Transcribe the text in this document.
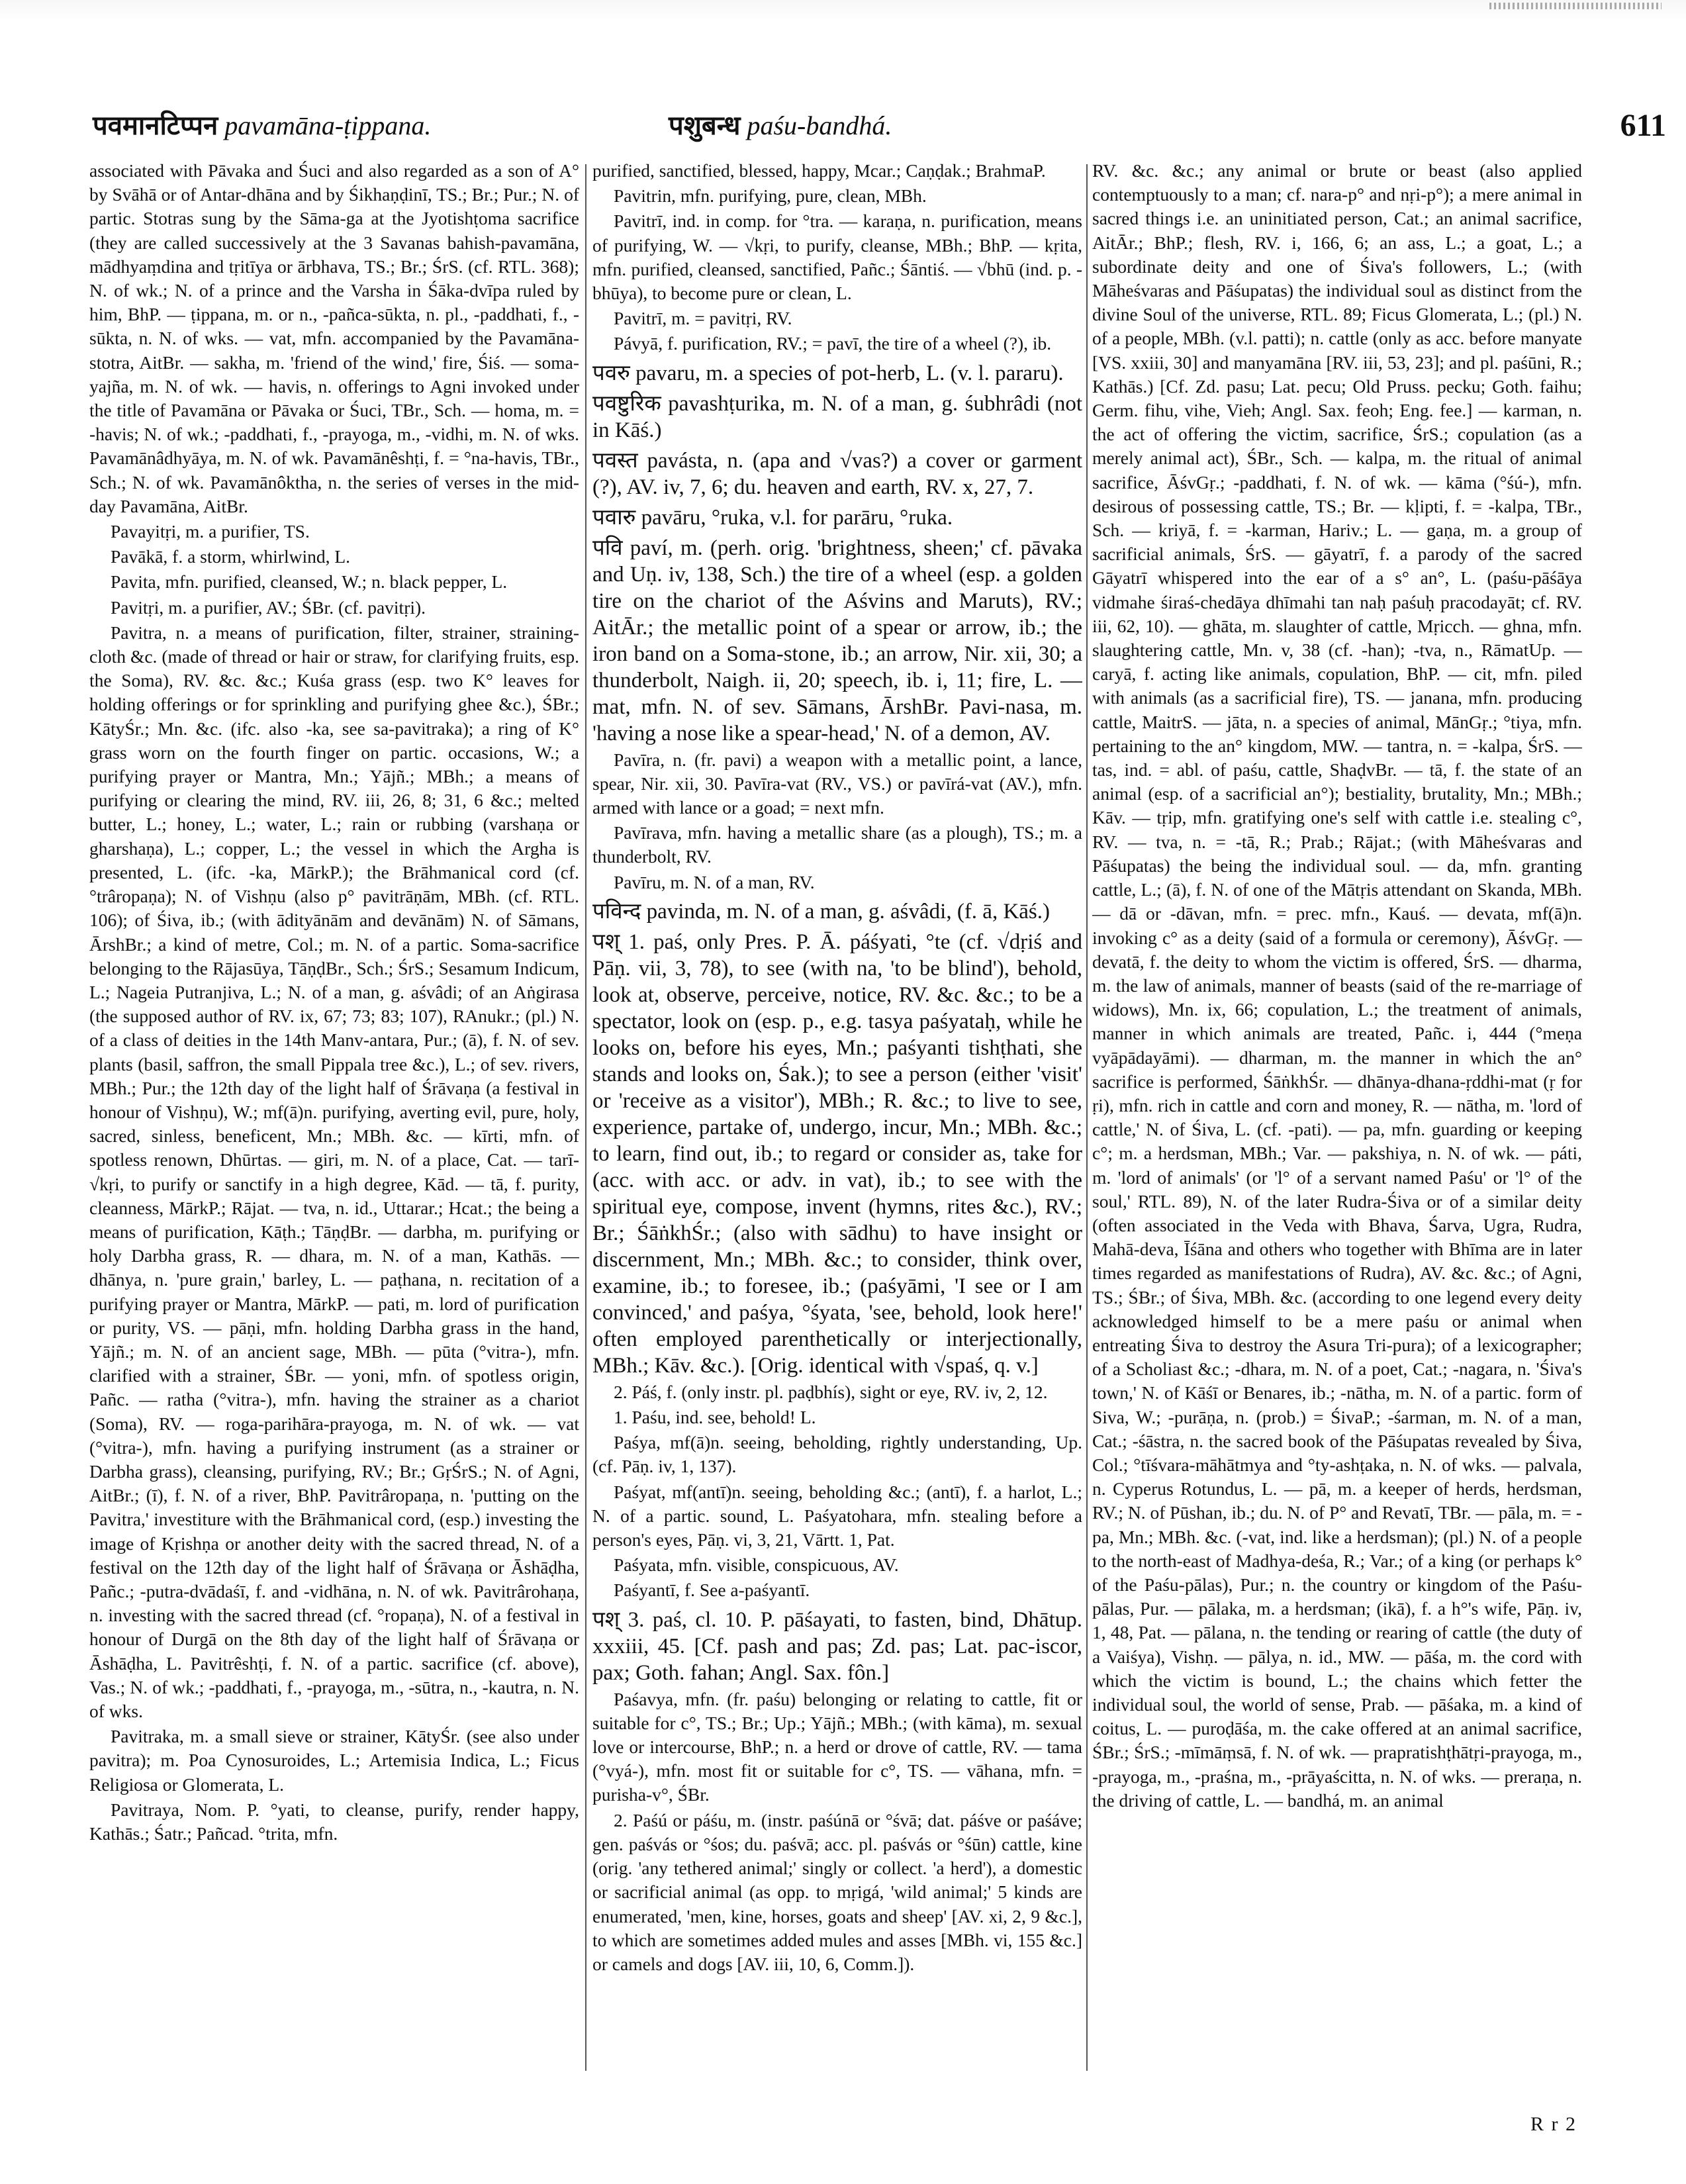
पवमानटिप्पन pavamāna-ṭippana.	पशुबन्ध paśu-bandhá.	611

associated with Pāvaka and Śuci and also regarded as a son of A° by Svāhā or of Antar-dhāna and by Śikhaṇḍinī, TS.; Br.; Pur.; N. of partic. Stotras sung by the Sāma-ga at the Jyotishṭoma sacrifice (they are called successively at the 3 Savanas bahish-pavamāna, mādhyaṃdina and tṛitīya or ārbhava, TS.; Br.; ŚrS. (cf. RTL. 368); N. of wk.; N. of a prince and the Varsha in Śāka-dvīpa ruled by him, BhP. — ṭippana, m. or n., -pañca-sūkta, n. pl., -paddhati, f., -sūkta, n. N. of wks. — vat, mfn. accompanied by the Pavamāna-stotra, AitBr. — sakha, m. 'friend of the wind,' fire, Śiś. — soma-yajña, m. N. of wk. — havis, n. offerings to Agni invoked under the title of Pavamāna or Pāvaka or Śuci, TBr., Sch. — homa, m. = -havis; N. of wk.; -paddhati, f., -prayoga, m., -vidhi, m. N. of wks. Pavamānâdhyāya, m. N. of wk. Pavamānêshṭi, f. = °na-havis, TBr., Sch.; N. of wk. Pavamānôktha, n. the series of verses in the mid-day Pavamāna, AitBr.

Pavayitṛi, m. a purifier, TS.

Pavākā, f. a storm, whirlwind, L.

Pavita, mfn. purified, cleansed, W.; n. black pepper, L.

Pavitṛi, m. a purifier, AV.; ŚBr. (cf. pavitṛi).

Pavitra, n. a means of purification, filter, strainer, straining-cloth &c. (made of thread or hair or straw, for clarifying fruits, esp. the Soma), RV. &c. &c.; Kuśa grass (esp. two K° leaves for holding offerings or for sprinkling and purifying ghee &c.), ŚBr.; KātyŚr.; Mn. &c. (ifc. also -ka, see sa-pavitraka); a ring of K° grass worn on the fourth finger on partic. occasions, W.; a purifying prayer or Mantra, Mn.; Yājñ.; MBh.; a means of purifying or clearing the mind, RV. iii, 26, 8; 31, 6 &c.; melted butter, L.; honey, L.; water, L.; rain or rubbing (varshaṇa or gharshaṇa), L.; copper, L.; the vessel in which the Argha is presented, L. (ifc. -ka, MārkP.); the Brāhmanical cord (cf. °trâropaṇa); N. of Vishṇu (also p° pavitrāṇām, MBh. (cf. RTL. 106); of Śiva, ib.; (with ādityānām and devānām) N. of Sāmans, ĀrshBr.; a kind of metre, Col.; m. N. of a partic. Soma-sacrifice belonging to the Rājasūya, TāṇḍBr., Sch.; ŚrS.; Sesamum Indicum, L.; Nageia Putranjiva, L.; N. of a man, g. aśvâdi; of an Aṅgirasa (the supposed author of RV. ix, 67; 73; 83; 107), RAnukr.; (pl.) N. of a class of deities in the 14th Manv-antara, Pur.; (ā), f. N. of sev. plants (basil, saffron, the small Pippala tree &c.), L.; of sev. rivers, MBh.; Pur.; the 12th day of the light half of Śrāvaṇa (a festival in honour of Vishṇu), W.; mf(ā)n. purifying, averting evil, pure, holy, sacred, sinless, beneficent, Mn.; MBh. &c. — kīrti, mfn. of spotless renown, Dhūrtas. — giri, m. N. of a place, Cat. — tarī-√kṛi, to purify or sanctify in a high degree, Kād. — tā, f. purity, cleanness, MārkP.; Rājat. — tva, n. id., Uttarar.; Hcat.; the being a means of purification, Kāṭh.; TāṇḍBr. — darbha, m. purifying or holy Darbha grass, R. — dhara, m. N. of a man, Kathās. — dhānya, n. 'pure grain,' barley, L. — paṭhana, n. recitation of a purifying prayer or Mantra, MārkP. — pati, m. lord of purification or purity, VS. — pāṇi, mfn. holding Darbha grass in the hand, Yājñ.; m. N. of an ancient sage, MBh. — pūta (°vitra-), mfn. clarified with a strainer, ŚBr. — yoni, mfn. of spotless origin, Pañc. — ratha (°vitra-), mfn. having the strainer as a chariot (Soma), RV. — roga-parihāra-prayoga, m. N. of wk. — vat (°vitra-), mfn. having a purifying instrument (as a strainer or Darbha grass), cleansing, purifying, RV.; Br.; GṛŚrS.; N. of Agni, AitBr.; (ī), f. N. of a river, BhP. Pavitrâropaṇa, n. 'putting on the Pavitra,' investiture with the Brāhmanical cord, (esp.) investing the image of Kṛishṇa or another deity with the sacred thread, N. of a festival on the 12th day of the light half of Śrāvaṇa or Āshāḍha, Pañc.; -putra-dvādaśī, f. and -vidhāna, n. N. of wk. Pavitrârohaṇa, n. investing with the sacred thread (cf. °ropaṇa), N. of a festival in honour of Durgā on the 8th day of the light half of Śrāvaṇa or Āshāḍha, L. Pavitrêshṭi, f. N. of a partic. sacrifice (cf. above), Vas.; N. of wk.; -paddhati, f., -prayoga, m., -sūtra, n., -kautra, n. N. of wks.

Pavitraka, m. a small sieve or strainer, KātyŚr. (see also under pavitra); m. Poa Cynosuroides, L.; Artemisia Indica, L.; Ficus Religiosa or Glomerata, L.

Pavitraya, Nom. P. °yati, to cleanse, purify, render happy, Kathās.; Śatr.; Pañcad. °trita, mfn.

purified, sanctified, blessed, happy, Mcar.; Caṇḍak.; BrahmaP.

Pavitrin, mfn. purifying, pure, clean, MBh.

Pavitrī, ind. in comp. for °tra. — karaṇa, n. purification, means of purifying, W. — √kṛi, to purify, cleanse, MBh.; BhP. — kṛita, mfn. purified, cleansed, sanctified, Pañc.; Śāntiś. — √bhū (ind. p. -bhūya), to become pure or clean, L.

Pavitrī, m. = pavitṛi, RV.

Pávyā, f. purification, RV.; = pavī, the tire of a wheel (?), ib.

पवरु pavaru, m. a species of pot-herb, L. (v. l. pararu).

पवष्टुरिक pavashṭurika, m. N. of a man, g. śubhrâdi (not in Kāś.)

पवस्त pavásta, n. (apa and √vas?) a cover or garment (?), AV. iv, 7, 6; du. heaven and earth, RV. x, 27, 7.

पवारु pavāru, °ruka, v.l. for parāru, °ruka.

पवि paví, m. (perh. orig. 'brightness, sheen;' cf. pāvaka and Uṇ. iv, 138, Sch.) the tire of a wheel (esp. a golden tire on the chariot of the Aśvins and Maruts), RV.; AitĀr.; the metallic point of a spear or arrow, ib.; the iron band on a Soma-stone, ib.; an arrow, Nir. xii, 30; a thunderbolt, Naigh. ii, 20; speech, ib. i, 11; fire, L. — mat, mfn. N. of sev. Sāmans, ĀrshBr. Pavi-nasa, m. 'having a nose like a spear-head,' N. of a demon, AV.

Pavīra, n. (fr. pavi) a weapon with a metallic point, a lance, spear, Nir. xii, 30. Pavīra-vat (RV., VS.) or pavīrá-vat (AV.), mfn. armed with lance or a goad; = next mfn.

Pavīrava, mfn. having a metallic share (as a plough), TS.; m. a thunderbolt, RV.

Pavīru, m. N. of a man, RV.

पविन्द pavinda, m. N. of a man, g. aśvâdi, (f. ā, Kāś.)

पश् 1. paś, only Pres. P. Ā. páśyati, °te (cf. √dṛiś and Pāṇ. vii, 3, 78), to see (with na, 'to be blind'), behold, look at, observe, perceive, notice, RV. &c. &c.; to be a spectator, look on (esp. p., e.g. tasya paśyataḥ, while he looks on, before his eyes, Mn.; paśyanti tishṭhati, she stands and looks on, Śak.); to see a person (either 'visit' or 'receive as a visitor'), MBh.; R. &c.; to live to see, experience, partake of, undergo, incur, Mn.; MBh. &c.; to learn, find out, ib.; to regard or consider as, take for (acc. with acc. or adv. in vat), ib.; to see with the spiritual eye, compose, invent (hymns, rites &c.), RV.; Br.; ŚāṅkhŚr.; (also with sādhu) to have insight or discernment, Mn.; MBh. &c.; to consider, think over, examine, ib.; to foresee, ib.; (paśyāmi, 'I see or I am convinced,' and paśya, °śyata, 'see, behold, look here!' often employed parenthetically or interjectionally, MBh.; Kāv. &c.). [Orig. identical with √spaś, q. v.]

2. Páś, f. (only instr. pl. paḍbhís), sight or eye, RV. iv, 2, 12.

1. Paśu, ind. see, behold! L.

Paśya, mf(ā)n. seeing, beholding, rightly understanding, Up. (cf. Pāṇ. iv, 1, 137).

Paśyat, mf(antī)n. seeing, beholding &c.; (antī), f. a harlot, L.; N. of a partic. sound, L. Paśyatohara, mfn. stealing before a person's eyes, Pāṇ. vi, 3, 21, Vārtt. 1, Pat.

Paśyata, mfn. visible, conspicuous, AV.

Paśyantī, f. See a-paśyantī.

पश् 3. paś, cl. 10. P. pāśayati, to fasten, bind, Dhātup. xxxiii, 45. [Cf. pash and pas; Zd. pas; Lat. pac-iscor, pax; Goth. fahan; Angl. Sax. fôn.]

Paśavya, mfn. (fr. paśu) belonging or relating to cattle, fit or suitable for c°, TS.; Br.; Up.; Yājñ.; MBh.; (with kāma), m. sexual love or intercourse, BhP.; n. a herd or drove of cattle, RV. — tama (°vyá-), mfn. most fit or suitable for c°, TS. — vāhana, mfn. = purisha-v°, ŚBr.

2. Paśú or páśu, m. (instr. paśúnā or °śvā; dat. páśve or paśáve; gen. paśvás or °śos; du. paśvā; acc. pl. paśvás or °śūn) cattle, kine (orig. 'any tethered animal;' singly or collect. 'a herd'), a domestic or sacrificial animal (as opp. to mṛigá, 'wild animal;' 5 kinds are enumerated, 'men, kine, horses, goats and sheep' [AV. xi, 2, 9 &c.], to which are sometimes added mules and asses [MBh. vi, 155 &c.] or camels and dogs [AV. iii, 10, 6, Comm.]).

RV. &c. &c.; any animal or brute or beast (also applied contemptuously to a man; cf. nara-p° and nṛi-p°); a mere animal in sacred things i.e. an uninitiated person, Cat.; an animal sacrifice, AitĀr.; BhP.; flesh, RV. i, 166, 6; an ass, L.; a goat, L.; a subordinate deity and one of Śiva's followers, L.; (with Māheśvaras and Pāśupatas) the individual soul as distinct from the divine Soul of the universe, RTL. 89; Ficus Glomerata, L.; (pl.) N. of a people, MBh. (v.l. patti); n. cattle (only as acc. before manyate [VS. xxiii, 30] and manyamāna [RV. iii, 53, 23]; and pl. paśūni, R.; Kathās.) [Cf. Zd. pasu; Lat. pecu; Old Pruss. pecku; Goth. faihu; Germ. fihu, vihe, Vieh; Angl. Sax. feoh; Eng. fee.] — karman, n. the act of offering the victim, sacrifice, ŚrS.; copulation (as a merely animal act), ŚBr., Sch. — kalpa, m. the ritual of animal sacrifice, ĀśvGṛ.; -paddhati, f. N. of wk. — kāma (°śú-), mfn. desirous of possessing cattle, TS.; Br. — kḷipti, f. = -kalpa, TBr., Sch. — kriyā, f. = -karman, Hariv.; L. — gaṇa, m. a group of sacrificial animals, ŚrS. — gāyatrī, f. a parody of the sacred Gāyatrī whispered into the ear of a s° an°, L. (paśu-pāśāya vidmahe śiraś-chedāya dhīmahi tan naḥ paśuḥ pracodayāt; cf. RV. iii, 62, 10). — ghāta, m. slaughter of cattle, Mṛicch. — ghna, mfn. slaughtering cattle, Mn. v, 38 (cf. -han); -tva, n., RāmatUp. — caryā, f. acting like animals, copulation, BhP. — cit, mfn. piled with animals (as a sacrificial fire), TS. — janana, mfn. producing cattle, MaitrS. — jāta, n. a species of animal, MānGṛ.; °tiya, mfn. pertaining to the an° kingdom, MW. — tantra, n. = -kalpa, ŚrS. — tas, ind. = abl. of paśu, cattle, ShaḍvBr. — tā, f. the state of an animal (esp. of a sacrificial an°); bestiality, brutality, Mn.; MBh.; Kāv. — tṛip, mfn. gratifying one's self with cattle i.e. stealing c°, RV. — tva, n. = -tā, R.; Prab.; Rājat.; (with Māheśvaras and Pāśupatas) the being the individual soul. — da, mfn. granting cattle, L.; (ā), f. N. of one of the Mātṛis attendant on Skanda, MBh. — dā or -dāvan, mfn. = prec. mfn., Kauś. — devata, mf(ā)n. invoking c° as a deity (said of a formula or ceremony), ĀśvGṛ. — devatā, f. the deity to whom the victim is offered, ŚrS. — dharma, m. the law of animals, manner of beasts (said of the re-marriage of widows), Mn. ix, 66; copulation, L.; the treatment of animals, manner in which animals are treated, Pañc. i, 444 (°meṇa vyāpādayāmi). — dharman, m. the manner in which the an° sacrifice is performed, ŚāṅkhŚr. — dhānya-dhana-ṛddhi-mat (ṛ for ṛi), mfn. rich in cattle and corn and money, R. — nātha, m. 'lord of cattle,' N. of Śiva, L. (cf. -pati). — pa, mfn. guarding or keeping c°; m. a herdsman, MBh.; Var. — pakshiya, n. N. of wk. — páti, m. 'lord of animals' (or 'l° of a servant named Paśu' or 'l° of the soul,' RTL. 89), N. of the later Rudra-Śiva or of a similar deity (often associated in the Veda with Bhava, Śarva, Ugra, Rudra, Mahā-deva, Īśāna and others who together with Bhīma are in later times regarded as manifestations of Rudra), AV. &c. &c.; of Agni, TS.; ŚBr.; of Śiva, MBh. &c. (according to one legend every deity acknowledged himself to be a mere paśu or animal when entreating Śiva to destroy the Asura Tri-pura); of a lexicographer; of a Scholiast &c.; -dhara, m. N. of a poet, Cat.; -nagara, n. 'Śiva's town,' N. of Kāśī or Benares, ib.; -nātha, m. N. of a partic. form of Siva, W.; -purāṇa, n. (prob.) = ŚivaP.; -śarman, m. N. of a man, Cat.; -śāstra, n. the sacred book of the Pāśupatas revealed by Śiva, Col.; °tīśvara-māhātmya and °ty-ashṭaka, n. N. of wks. — palvala, n. Cyperus Rotundus, L. — pā, m. a keeper of herds, herdsman, RV.; N. of Pūshan, ib.; du. N. of P° and Revatī, TBr. — pāla, m. = -pa, Mn.; MBh. &c. (-vat, ind. like a herdsman); (pl.) N. of a people to the north-east of Madhya-deśa, R.; Var.; of a king (or perhaps k° of the Paśu-pālas), Pur.; n. the country or kingdom of the Paśu-pālas, Pur. — pālaka, m. a herdsman; (ikā), f. a h°'s wife, Pāṇ. iv, 1, 48, Pat. — pālana, n. the tending or rearing of cattle (the duty of a Vaiśya), Vishṇ. — pālya, n. id., MW. — pāśa, m. the cord with which the victim is bound, L.; the chains which fetter the individual soul, the world of sense, Prab. — pāśaka, m. a kind of coitus, L. — puroḍāśa, m. the cake offered at an animal sacrifice, ŚBr.; ŚrS.; -mīmāṃsā, f. N. of wk. — prapratishṭhātṛi-prayoga, m., -prayoga, m., -praśna, m., -prāyaścitta, n. N. of wks. — preraṇa, n. the driving of cattle, L. — bandhá, m. an animal

R r 2
